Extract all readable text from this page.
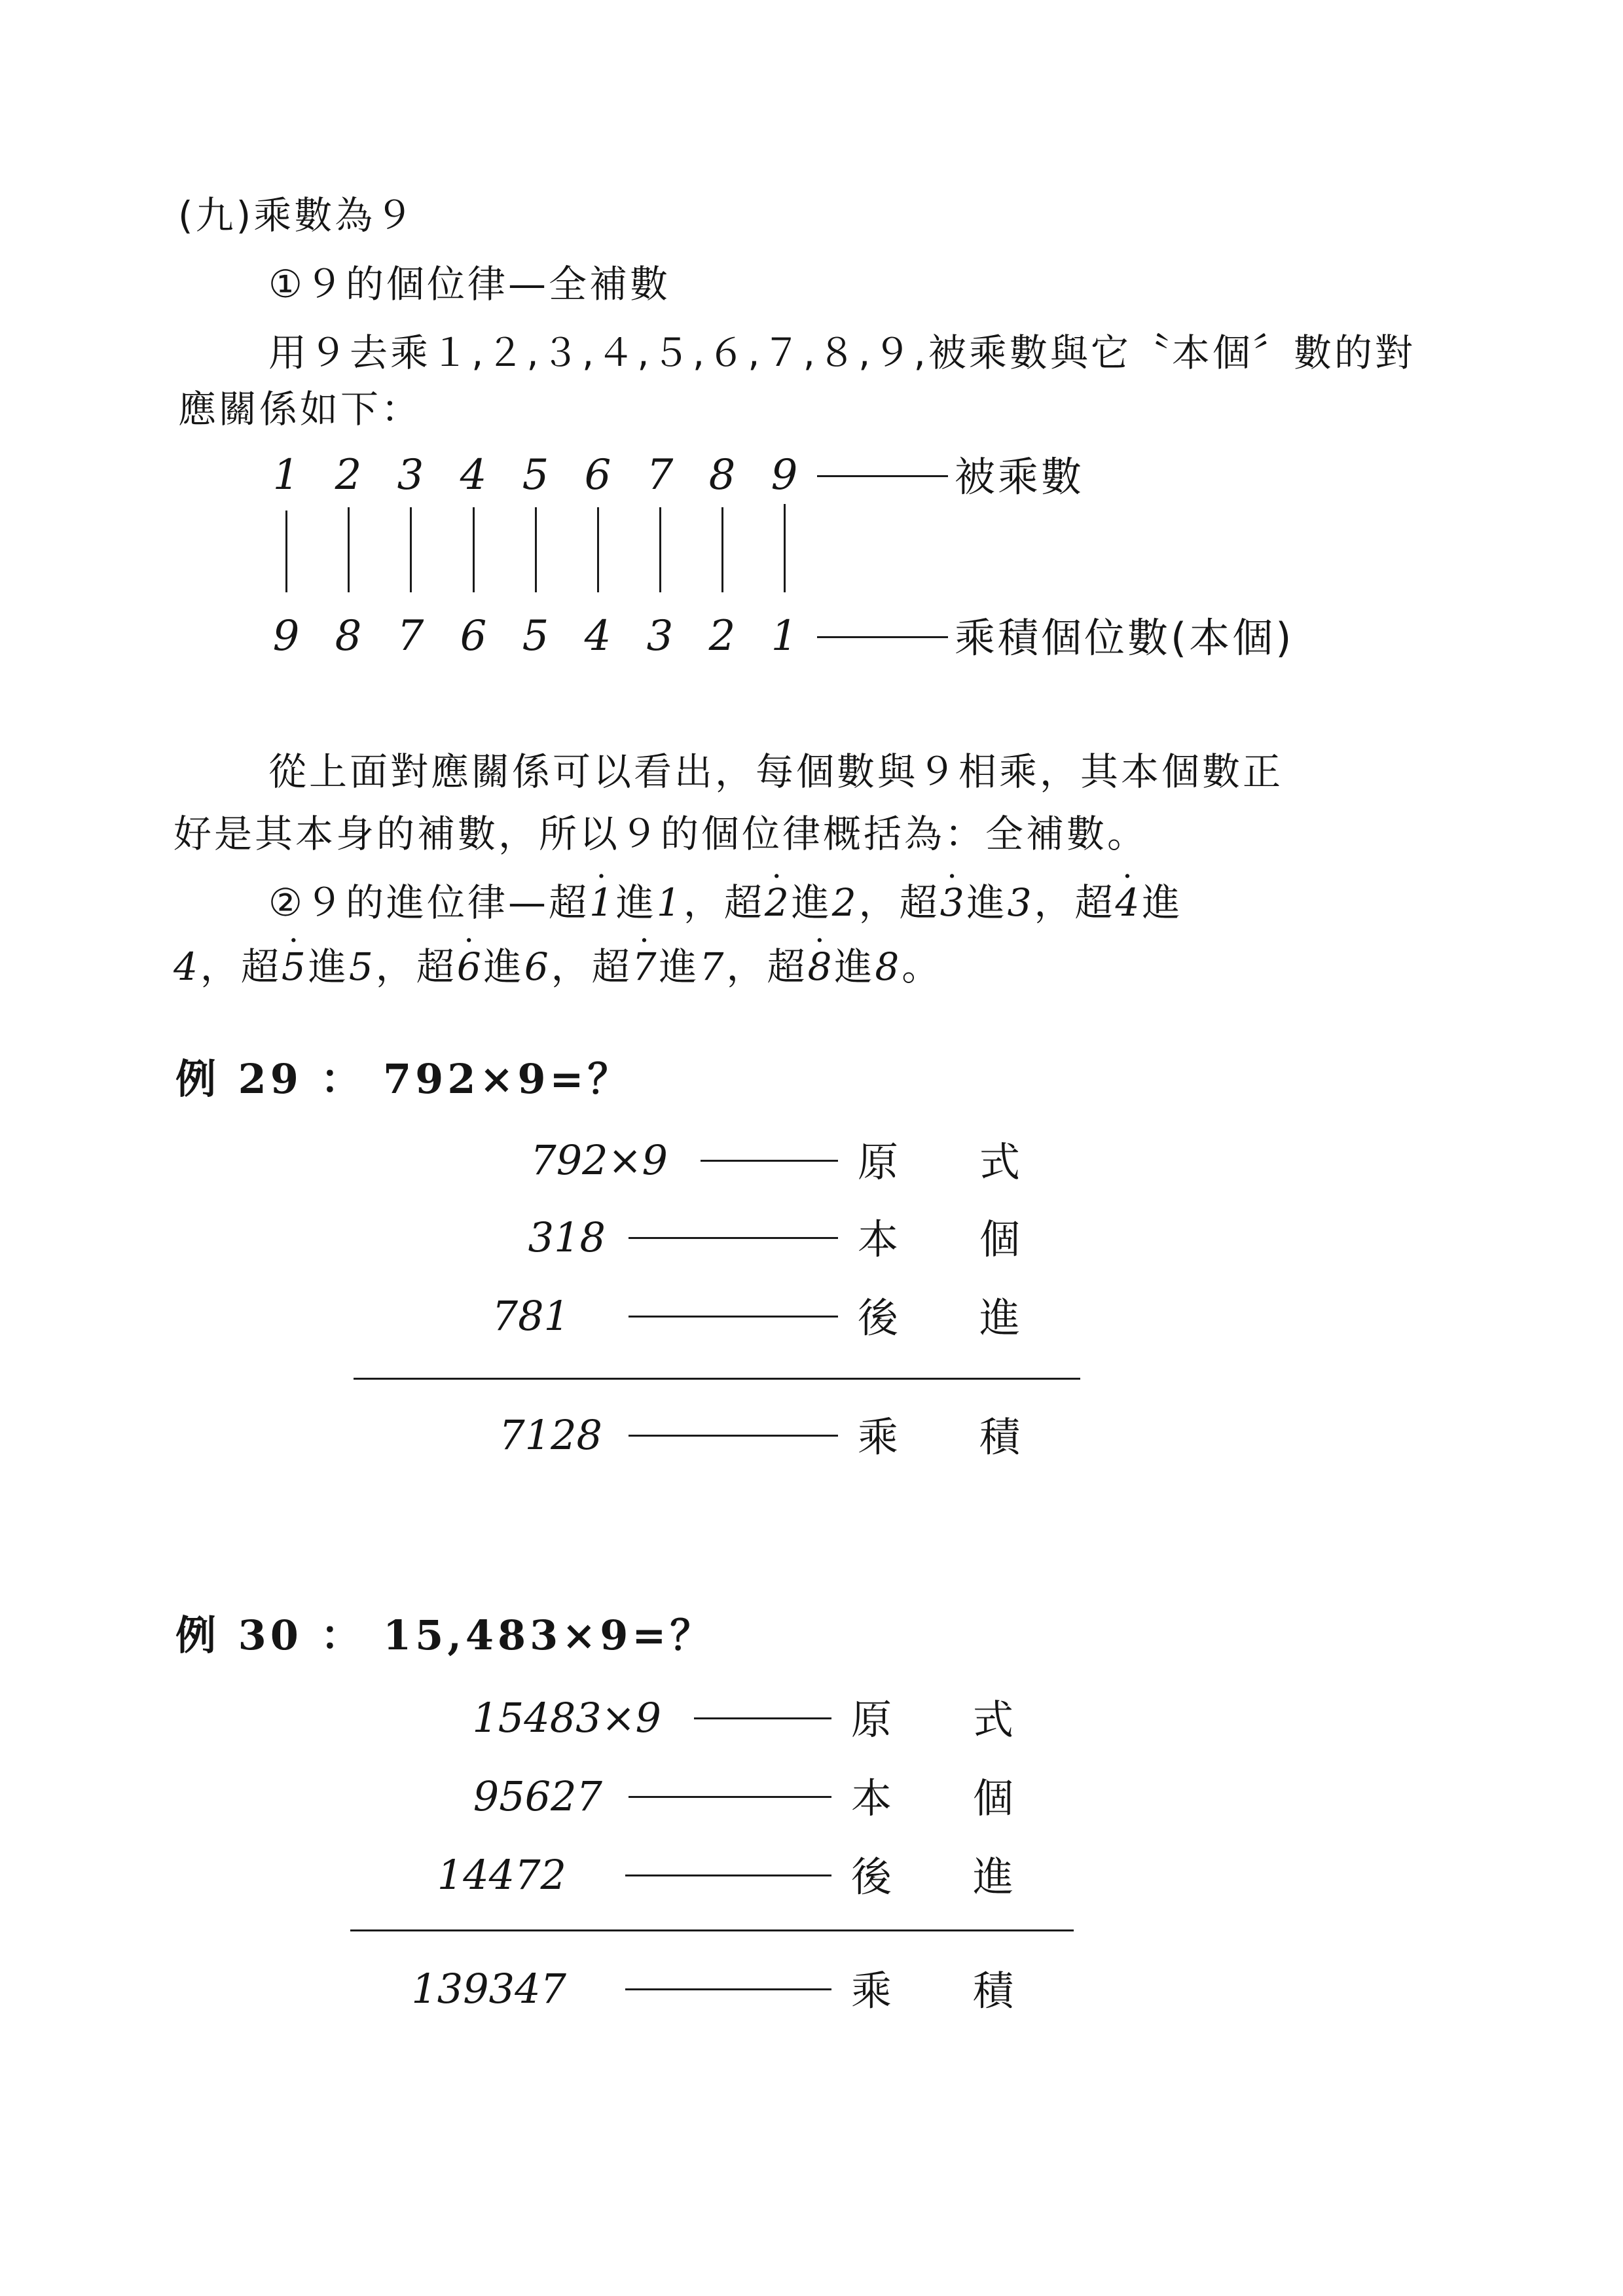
(九)乘數為９
①９的個位律—全補數
用９去乘１,２,３,４,５,６,７,８,９,被乘數與它〝本個〞數的對
應關係如下：
1 2 3 4 5 6 7 8 9	被乘數
9 8 7 6 5 4 3 2 1	乘積個位數(本個)
從上面對應關係可以看出，每個數與９相乘，其本個數正
好是其本身的補數，所以９的個位律概括為：全補數。
②９的進位律—超· 1進1，超· 2進2，超· 3進3，超· 4進
4，超· 5進5，超· 6進6，超· 7進7，超· 8進8。
例 29 ： 792×9=？
792×9	原　　式
318	本　　個
781	後　　進
7128	乘　　積
例 30 ： 15,483×9=？
15483×9	原　　式
95627	本　　個
14472	後　　進
139347	乘　　積
